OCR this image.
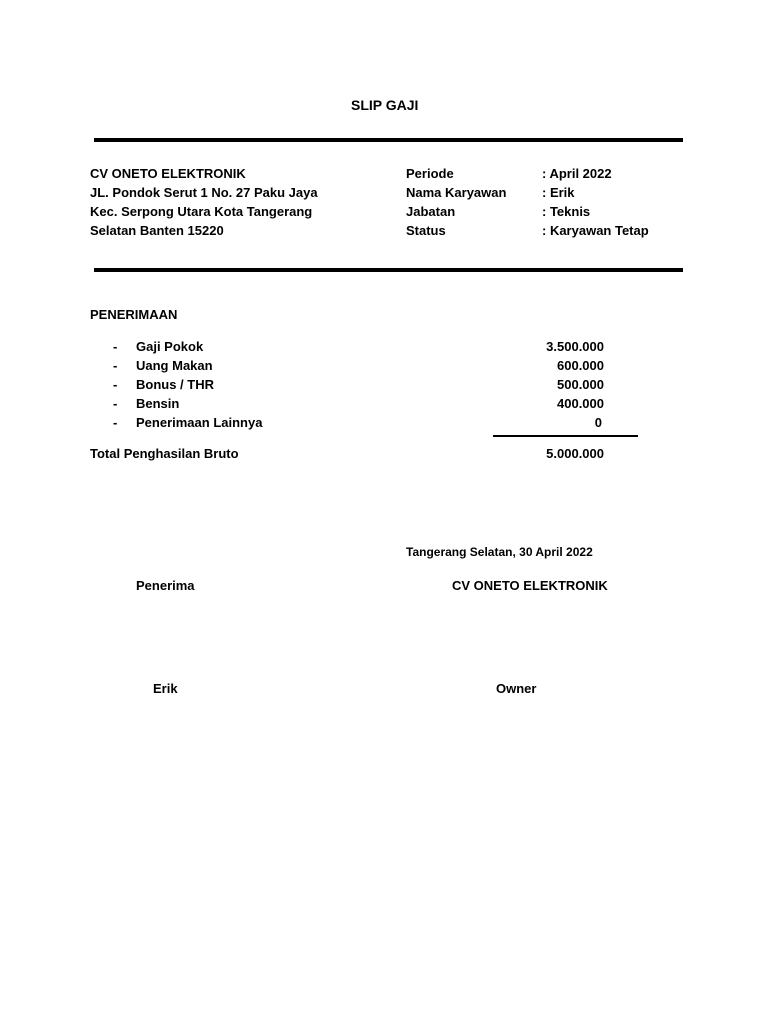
SLIP GAJI
CV ONETO ELEKTRONIK
JL. Pondok Serut 1 No. 27 Paku Jaya
Kec. Serpong Utara Kota Tangerang
Selatan Banten 15220
Periode	: April 2022
Nama Karyawan	: Erik
Jabatan	: Teknis
Status	: Karyawan Tetap
PENERIMAAN
- Gaji Pokok	3.500.000
- Uang Makan	600.000
- Bonus / THR	500.000
- Bensin	400.000
- Penerimaan Lainnya	0
Total Penghasilan Bruto	5.000.000
Tangerang Selatan, 30 April 2022
Penerima	CV ONETO ELEKTRONIK
Erik	Owner
